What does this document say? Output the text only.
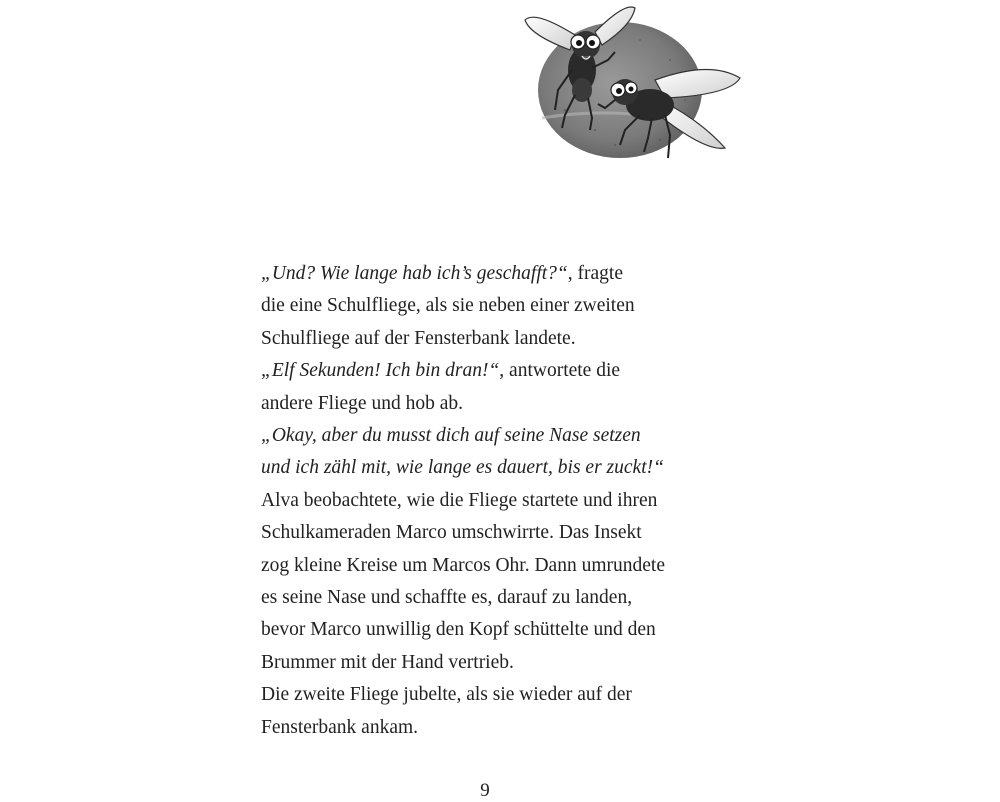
„Und? Wie lange hab ich’s geschafft?“, fragte
die eine Schulfliege, als sie neben einer zweiten
Schulfliege auf der Fensterbank landete.
„Elf Sekunden! Ich bin dran!“, antwortete die
andere Fliege und hob ab.
„Okay, aber du musst dich auf seine Nase setzen
und ich zähl mit, wie lange es dauert, bis er zuckt!“
Alva beobachtete, wie die Fliege startete und ihren
Schulkameraden Marco umschwirrte. Das Insekt
zog kleine Kreise um Marcos Ohr. Dann umrundete
es seine Nase und schaffte es, darauf zu landen,
bevor Marco unwillig den Kopf schüttelte und den
Brummer mit der Hand vertrieb.
Die zweite Fliege jubelte, als sie wieder auf der
Fensterbank ankam.
9
